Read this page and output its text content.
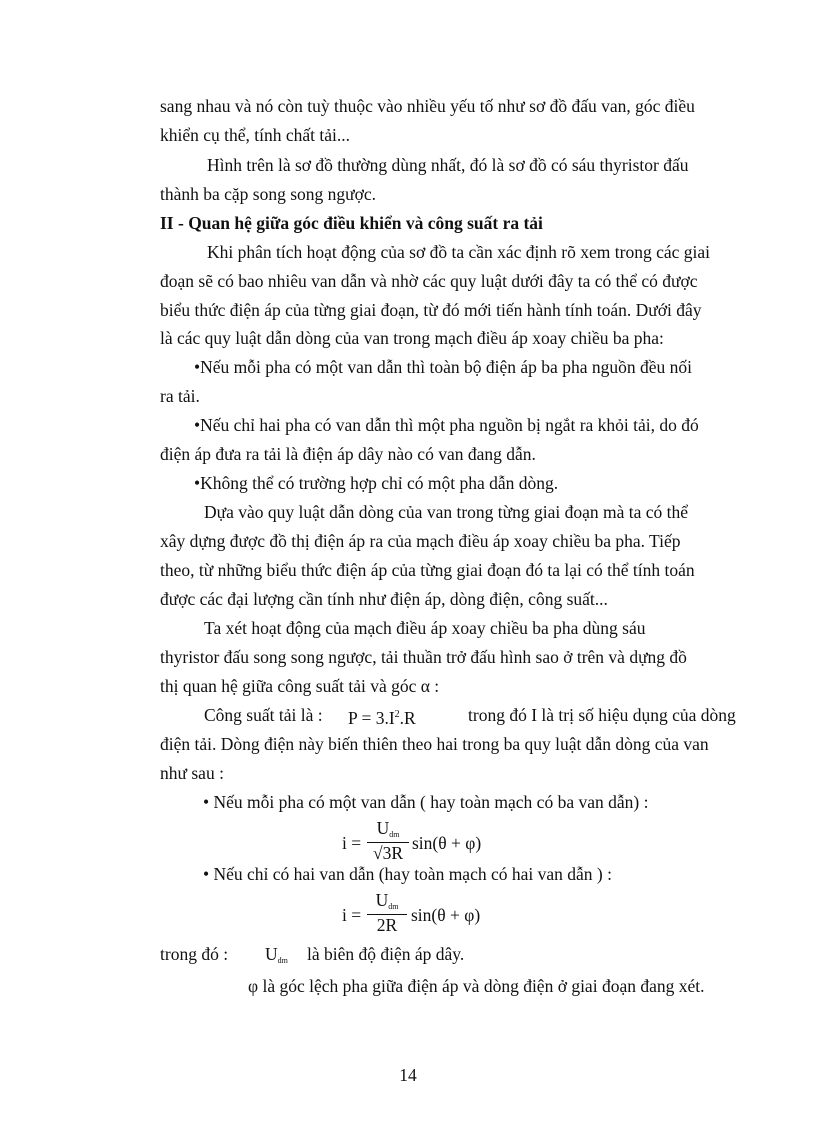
sang nhau và nó còn tuỳ thuộc vào nhiều yếu tố như sơ đồ đấu van, góc điều
khiển cụ thể, tính chất tải...
Hình trên là sơ đồ thường dùng nhất, đó là sơ đồ có sáu thyristor đấu
thành ba cặp song song ngược.
II - Quan hệ giữa góc điều khiển và công suất ra tải
Khi phân tích hoạt động của sơ đồ ta cần xác định rõ xem trong các giai
đoạn sẽ có bao nhiêu van dẫn và nhờ các quy luật dưới đây ta có thể có được
biểu thức điện áp của từng giai đoạn, từ đó mới tiến hành tính toán. Dưới đây
là các quy luật dẫn dòng của van trong mạch điều áp xoay chiều ba pha:
•Nếu mỗi pha có một van dẫn thì toàn bộ điện áp ba pha nguồn đều nối
ra tải.
•Nếu chỉ hai pha có van dẫn thì một pha nguồn bị ngắt ra khỏi tải, do đó
điện áp đưa ra tải là điện áp dây nào có van đang dẫn.
•Không thể có trường hợp chỉ có một pha dẫn dòng.
Dựa vào quy luật dẫn dòng của van trong từng giai đoạn mà ta có thể
xây dựng được đồ thị điện áp ra của mạch điều áp xoay chiều ba pha. Tiếp
theo, từ những biểu thức điện áp của từng giai đoạn đó ta lại có thể tính toán
được các đại lượng cần tính như điện áp, dòng điện, công suất...
Ta xét hoạt động của mạch điều áp xoay chiều ba pha dùng sáu
thyristor đấu song song ngược, tải thuần trở đấu hình sao ở trên và dựng đồ
thị quan hệ giữa công suất tải và góc α :
Công suất tải là : $P = 3.I^2.R$	trong đó I là trị số hiệu dụng của dòng
điện tải. Dòng điện này biến thiên theo hai trong ba quy luật dẫn dòng của van
như sau :
• Nếu mỗi pha có một van dẫn ( hay toàn mạch có ba van dẫn) :
i =
$U_{dm}$
√3R sin(θ + φ)
• Nếu chỉ có hai van dẫn (hay toàn mạch có hai van dẫn ) :
i =
$U_{dm}$
2R sin(θ + φ)
trong đó : $U_{dm}$ là biên độ điện áp dây.
φ là góc lệch pha giữa điện áp và dòng điện ở giai đoạn đang xét.
14
